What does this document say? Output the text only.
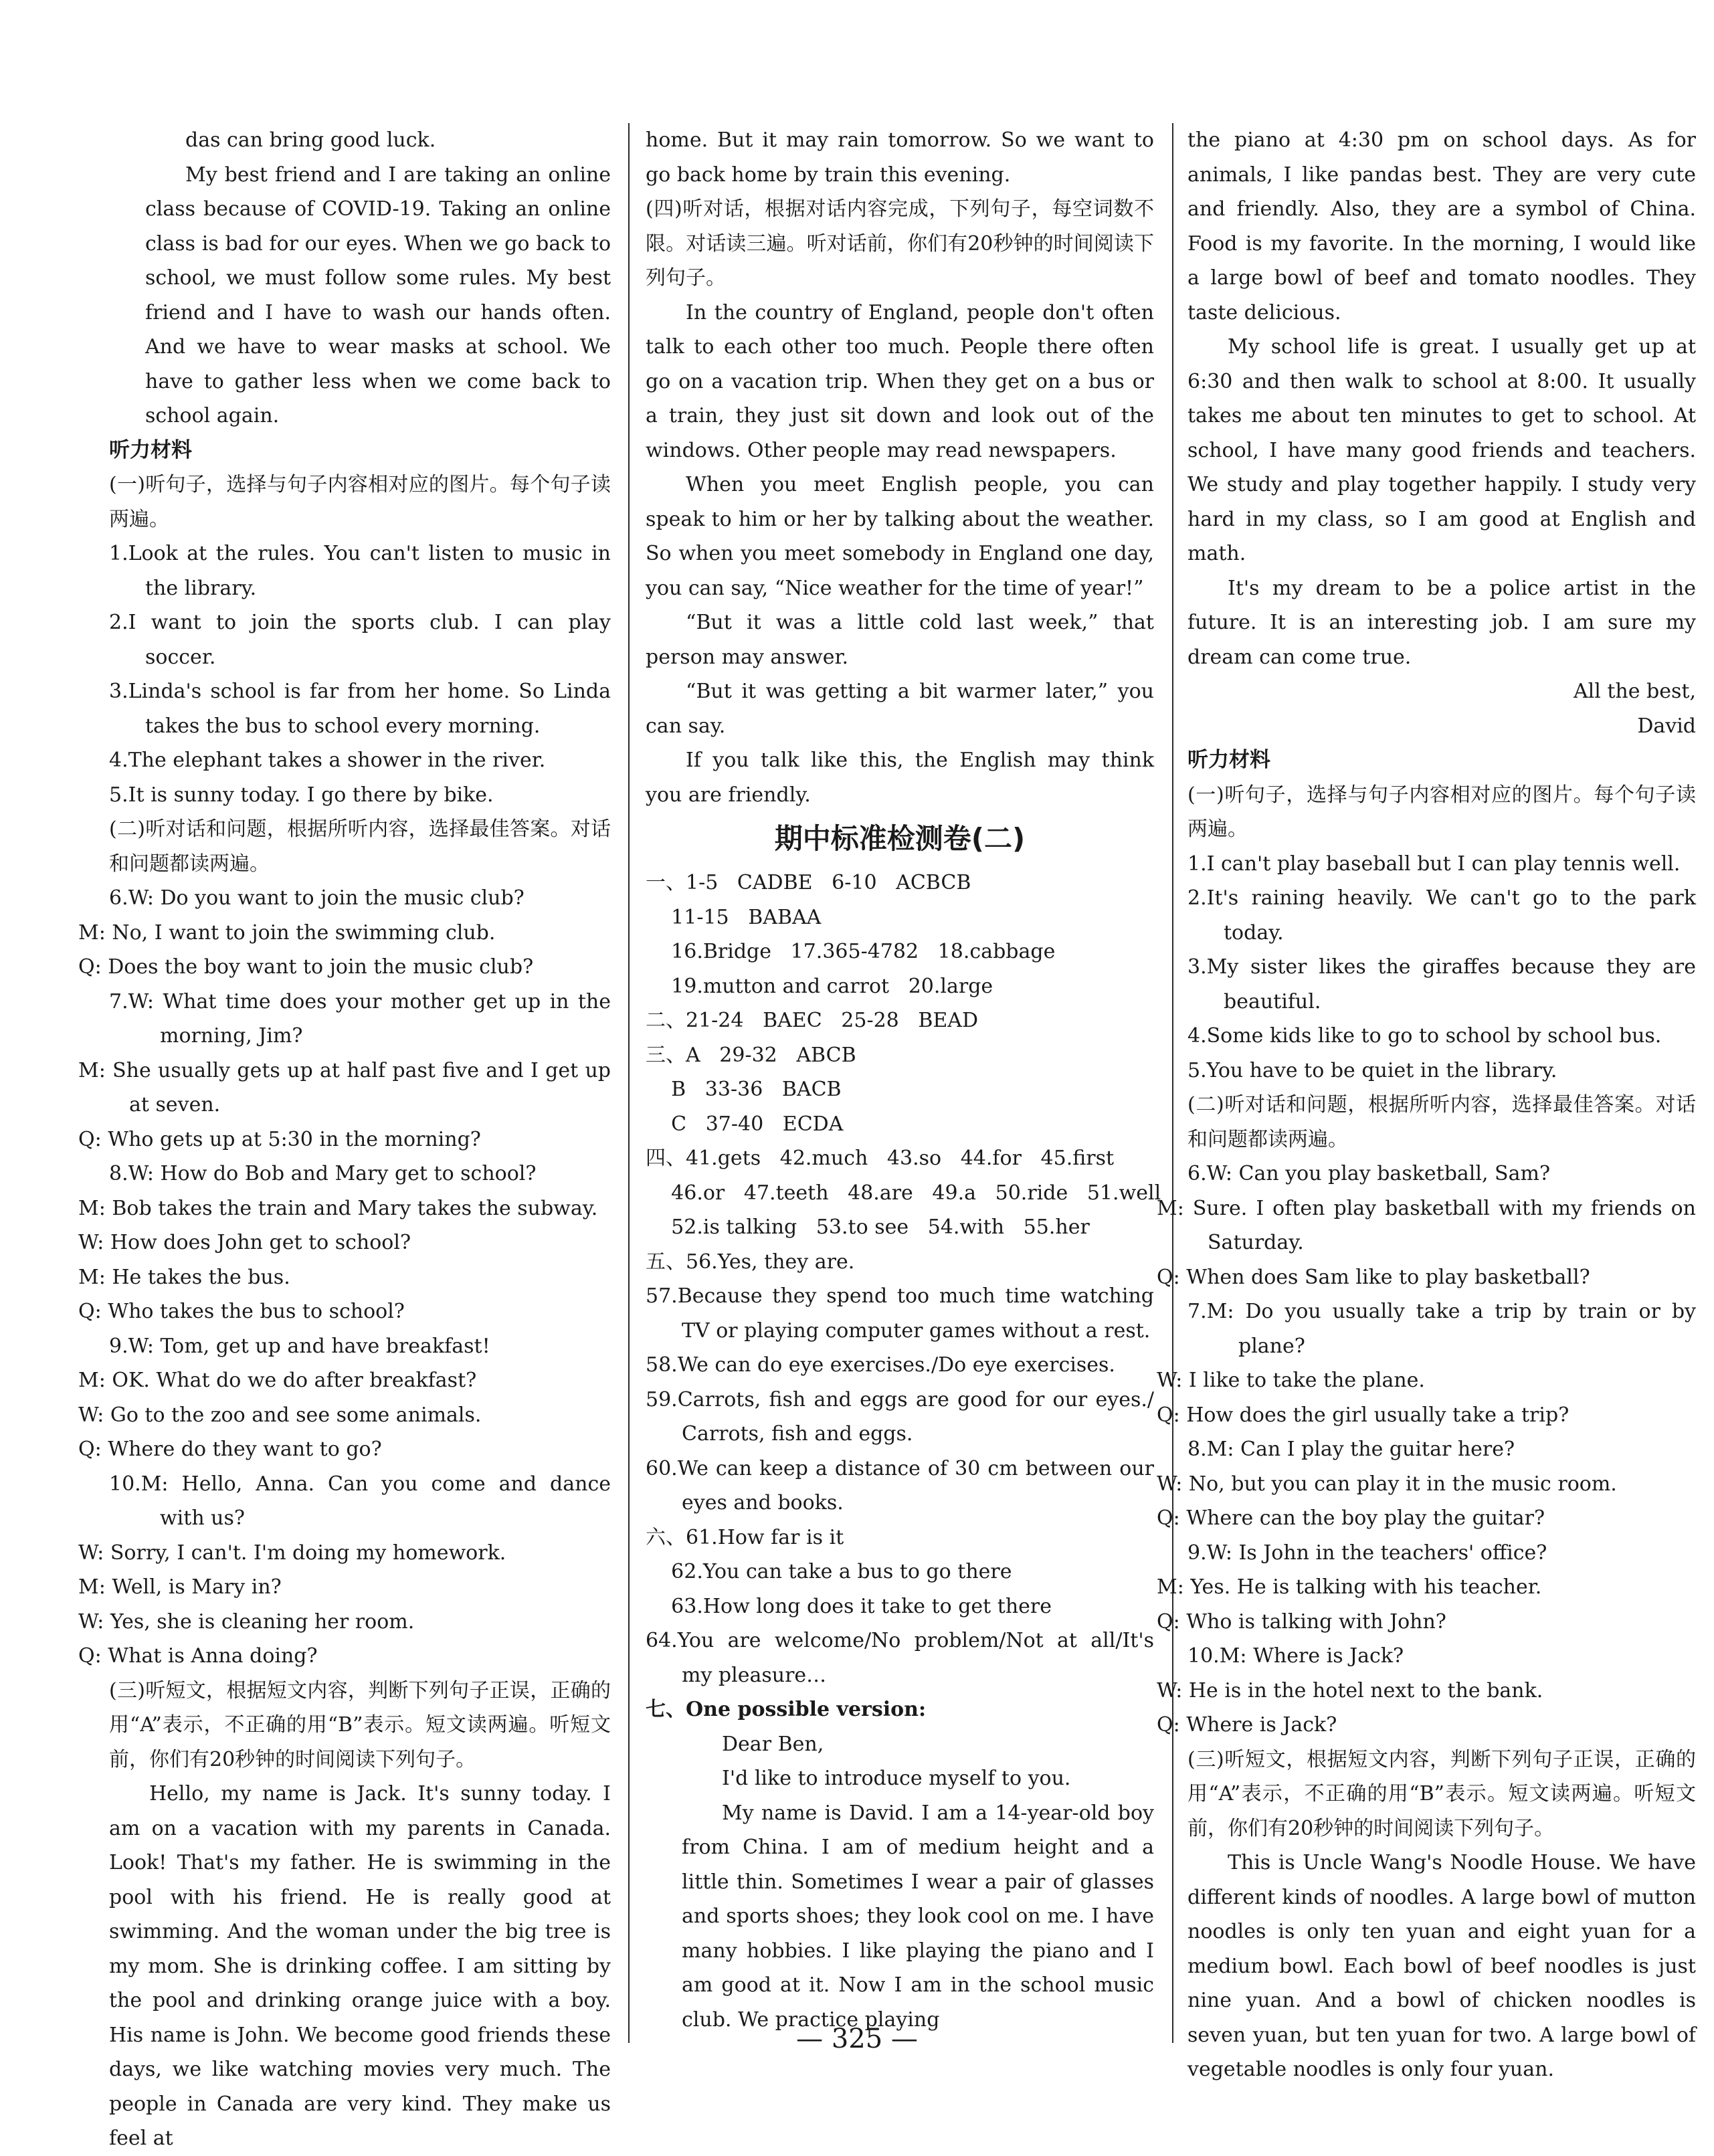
das can bring good luck.

My best friend and I are taking an online class because of COVID-19. Taking an online class is bad for our eyes. When we go back to school, we must follow some rules. My best friend and I have to wash our hands often. And we have to wear masks at school. We have to gather less when we come back to school again.

听力材料

(一)听句子，选择与句子内容相对应的图片。每个句子读两遍。

1.Look at the rules. You can't listen to music in the library.

2.I want to join the sports club. I can play soccer.

3.Linda's school is far from her home. So Linda takes the bus to school every morning.

4.The elephant takes a shower in the river.

5.It is sunny today. I go there by bike.

(二)听对话和问题，根据所听内容，选择最佳答案。对话和问题都读两遍。

6.W: Do you want to join the music club?

M: No, I want to join the swimming club.

Q: Does the boy want to join the music club?

7.W: What time does your mother get up in the morning, Jim?

M: She usually gets up at half past five and I get up at seven.

Q: Who gets up at 5:30 in the morning?

8.W: How do Bob and Mary get to school?

M: Bob takes the train and Mary takes the subway.

W: How does John get to school?

M: He takes the bus.

Q: Who takes the bus to school?

9.W: Tom, get up and have breakfast!

M: OK. What do we do after breakfast?

W: Go to the zoo and see some animals.

Q: Where do they want to go?

10.M: Hello, Anna. Can you come and dance with us?

W: Sorry, I can't. I'm doing my homework.

M: Well, is Mary in?

W: Yes, she is cleaning her room.

Q: What is Anna doing?

(三)听短文，根据短文内容，判断下列句子正误，正确的用“A”表示，不正确的用“B”表示。短文读两遍。听短文前，你们有20秒钟的时间阅读下列句子。

Hello, my name is Jack. It's sunny today. I am on a vacation with my parents in Canada. Look! That's my father. He is swimming in the pool with his friend. He is really good at swimming. And the woman under the big tree is my mom. She is drinking coffee. I am sitting by the pool and drinking orange juice with a boy. His name is John. We become good friends these days, we like watching movies very much. The people in Canada are very kind. They make us feel at

home. But it may rain tomorrow. So we want to go back home by train this evening.

(四)听对话，根据对话内容完成，下列句子，每空词数不限。对话读三遍。听对话前，你们有20秒钟的时间阅读下列句子。

In the country of England, people don't often talk to each other too much. People there often go on a vacation trip. When they get on a bus or a train, they just sit down and look out of the windows. Other people may read newspapers.

When you meet English people, you can speak to him or her by talking about the weather. So when you meet somebody in England one day, you can say, “Nice weather for the time of year!”

“But it was a little cold last week,” that person may answer.

“But it was getting a bit warmer later,” you can say.

If you talk like this, the English may think you are friendly.

期中标准检测卷(二)

一、1-5   CADBE   6-10   ACBCB

11-15   BABAA

16.Bridge   17.365-4782   18.cabbage

19.mutton and carrot   20.large

二、21-24   BAEC   25-28   BEAD

三、A   29-32   ABCB

B   33-36   BACB

C   37-40   ECDA

四、41.gets   42.much   43.so   44.for   45.first

46.or   47.teeth   48.are   49.a   50.ride   51.well

52.is talking   53.to see   54.with   55.her

五、56.Yes, they are.

57.Because they spend too much time watching TV or playing computer games without a rest.

58.We can do eye exercises./Do eye exercises.

59.Carrots, fish and eggs are good for our eyes./ Carrots, fish and eggs.

60.We can keep a distance of 30 cm between our eyes and books.

六、61.How far is it

62.You can take a bus to go there

63.How long does it take to get there

64.You are welcome/No problem/Not at all/It's my pleasure…

七、One possible version:

Dear Ben,

I'd like to introduce myself to you.

My name is David. I am a 14-year-old boy from China. I am of medium height and a little thin. Sometimes I wear a pair of glasses and sports shoes; they look cool on me. I have many hobbies. I like playing the piano and I am good at it. Now I am in the school music club. We practice playing

the piano at 4:30 pm on school days. As for animals, I like pandas best. They are very cute and friendly. Also, they are a symbol of China. Food is my favorite. In the morning, I would like a large bowl of beef and tomato noodles. They taste delicious.

My school life is great. I usually get up at 6:30 and then walk to school at 8:00. It usually takes me about ten minutes to get to school. At school, I have many good friends and teachers. We study and play together happily. I study very hard in my class, so I am good at English and math.

It's my dream to be a police artist in the future. It is an interesting job. I am sure my dream can come true.

All the best,

David

听力材料

(一)听句子，选择与句子内容相对应的图片。每个句子读两遍。

1.I can't play baseball but I can play tennis well.

2.It's raining heavily. We can't go to the park today.

3.My sister likes the giraffes because they are beautiful.

4.Some kids like to go to school by school bus.

5.You have to be quiet in the library.

(二)听对话和问题，根据所听内容，选择最佳答案。对话和问题都读两遍。

6.W: Can you play basketball, Sam?

M: Sure. I often play basketball with my friends on Saturday.

Q: When does Sam like to play basketball?

7.M: Do you usually take a trip by train or by plane?

W: I like to take the plane.

Q: How does the girl usually take a trip?

8.M: Can I play the guitar here?

W: No, but you can play it in the music room.

Q: Where can the boy play the guitar?

9.W: Is John in the teachers' office?

M: Yes. He is talking with his teacher.

Q: Who is talking with John?

10.M: Where is Jack?

W: He is in the hotel next to the bank.

Q: Where is Jack?

(三)听短文，根据短文内容，判断下列句子正误，正确的用“A”表示，不正确的用“B”表示。短文读两遍。听短文前，你们有20秒钟的时间阅读下列句子。

This is Uncle Wang's Noodle House. We have different kinds of noodles. A large bowl of mutton noodles is only ten yuan and eight yuan for a medium bowl. Each bowl of beef noodles is just nine yuan. And a bowl of chicken noodles is seven yuan, but ten yuan for two. A large bowl of vegetable noodles is only four yuan.

— 325 —
